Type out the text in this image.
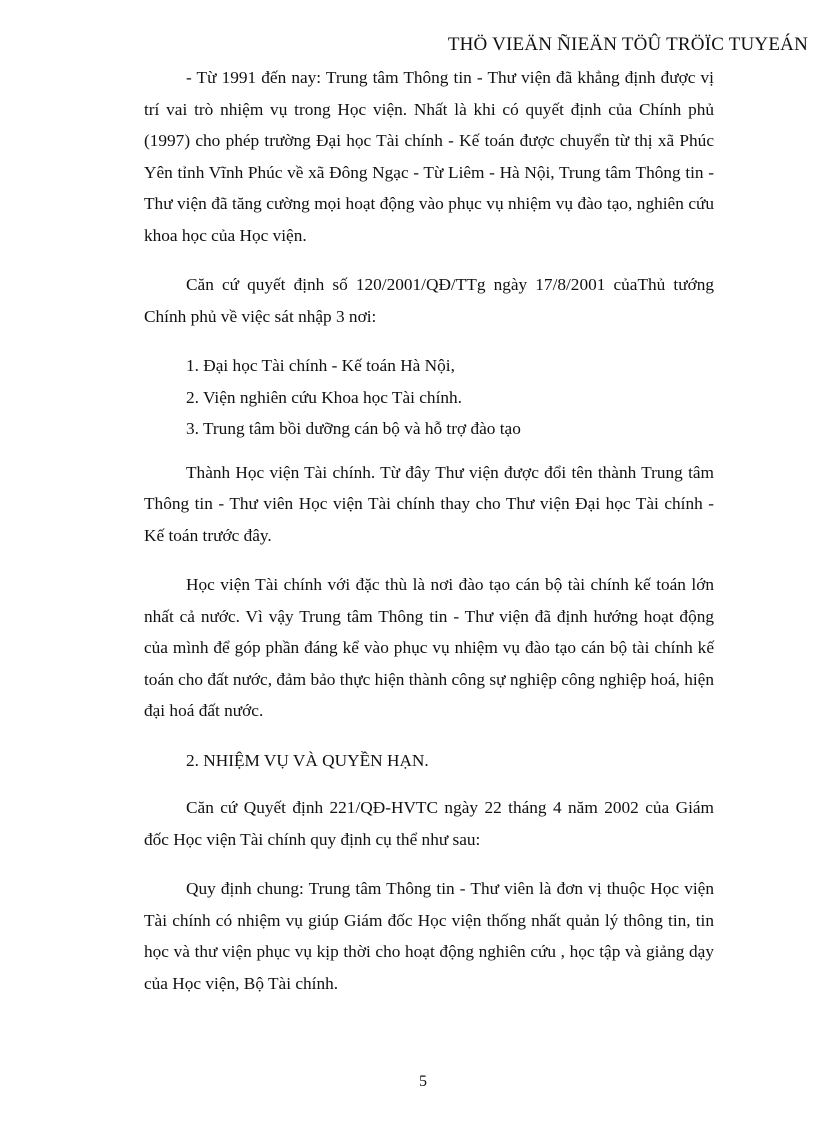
THÖ VIEÄN ÑIEÄN TÖÛ TRÖÏC TUYEÁN

- Từ 1991 đến nay: Trung tâm Thông tin - Thư viện đã khẳng định được vị trí vai trò nhiệm vụ trong Học viện. Nhất là khi có quyết định của Chính phủ (1997) cho phép trường Đại học Tài chính - Kế toán được chuyển từ thị xã Phúc Yên tỉnh Vĩnh Phúc về xã Đông Ngạc - Từ Liêm - Hà Nội, Trung tâm Thông tin - Thư viện đã tăng cường mọi hoạt động vào phục vụ nhiệm vụ đào tạo, nghiên cứu khoa học của Học viện.

Căn cứ quyết định số 120/2001/QĐ/TTg ngày 17/8/2001 củaThủ tướng Chính phủ về việc sát nhập 3 nơi:

1. Đại học Tài chính - Kế toán Hà Nội,
2. Viện nghiên cứu Khoa học Tài chính.
3. Trung tâm bồi dưỡng cán bộ và hỗ trợ đào tạo

Thành Học viện Tài chính. Từ đây Thư viện được đổi tên thành Trung tâm Thông tin - Thư viên Học viện Tài chính thay cho Thư viện Đại học Tài chính - Kế toán trước đây.

Học viện Tài chính với đặc thù là nơi đào tạo cán bộ tài chính kế toán lớn nhất cả nước. Vì vậy Trung tâm Thông tin - Thư viện đã định hướng hoạt động của mình để góp phần đáng kể vào phục vụ nhiệm vụ đào tạo cán bộ tài chính kế toán cho đất nước, đảm bảo thực hiện thành công sự nghiệp công nghiệp hoá, hiện đại hoá đất nước.

2. NHIỆM VỤ VÀ QUYỀN HẠN.

Căn cứ Quyết định 221/QĐ-HVTC ngày 22 tháng 4 năm 2002 của Giám đốc Học viện Tài chính quy định cụ thể như sau:

Quy định chung: Trung tâm Thông tin - Thư viên là đơn vị thuộc Học viện Tài chính có nhiệm vụ giúp Giám đốc Học viện thống nhất quản lý thông tin, tin học và thư viện phục vụ kịp thời cho hoạt động nghiên cứu , học tập và giảng dạy của Học viện, Bộ Tài chính.

5
